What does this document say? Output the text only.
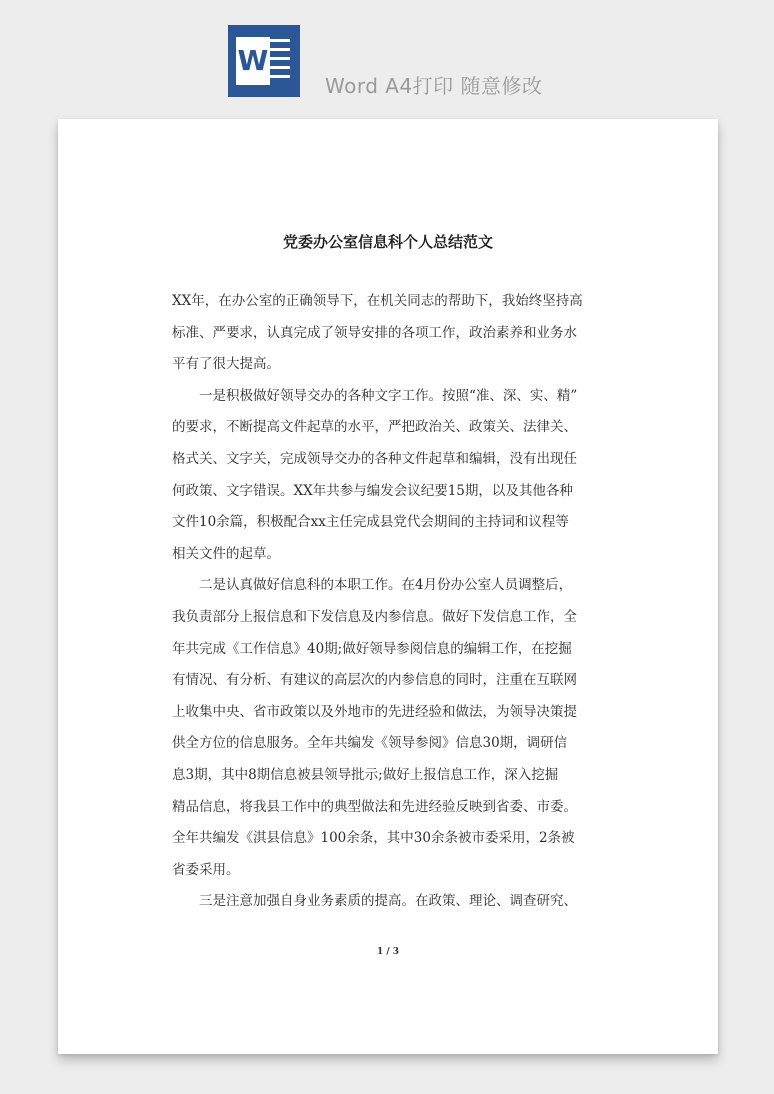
W
Word A4打印 随意修改
党委办公室信息科个人总结范文

XX年，在办公室的正确领导下，在机关同志的帮助下，我始终坚持高
标准、严要求，认真完成了领导安排的各项工作，政治素养和业务水
平有了很大提高。

一是积极做好领导交办的各种文字工作。按照“准、深、实、精”
的要求，不断提高文件起草的水平，严把政治关、政策关、法律关、
格式关、文字关，完成领导交办的各种文件起草和编辑，没有出现任
何政策、文字错误。XX年共参与编发会议纪要15期，以及其他各种
文件10余篇，积极配合xx主任完成县党代会期间的主持词和议程等
相关文件的起草。

二是认真做好信息科的本职工作。在4月份办公室人员调整后，
我负责部分上报信息和下发信息及内参信息。做好下发信息工作，全
年共完成《工作信息》40期;做好领导参阅信息的编辑工作，在挖掘
有情况、有分析、有建议的高层次的内参信息的同时，注重在互联网
上收集中央、省市政策以及外地市的先进经验和做法，为领导决策提
供全方位的信息服务。全年共编发《领导参阅》信息30期，调研信
息3期，其中8期信息被县领导批示;做好上报信息工作，深入挖掘
精品信息，将我县工作中的典型做法和先进经验反映到省委、市委。
全年共编发《淇县信息》100余条，其中30余条被市委采用，2条被
省委采用。

三是注意加强自身业务素质的提高。在政策、理论、调查研究、

1 / 3
